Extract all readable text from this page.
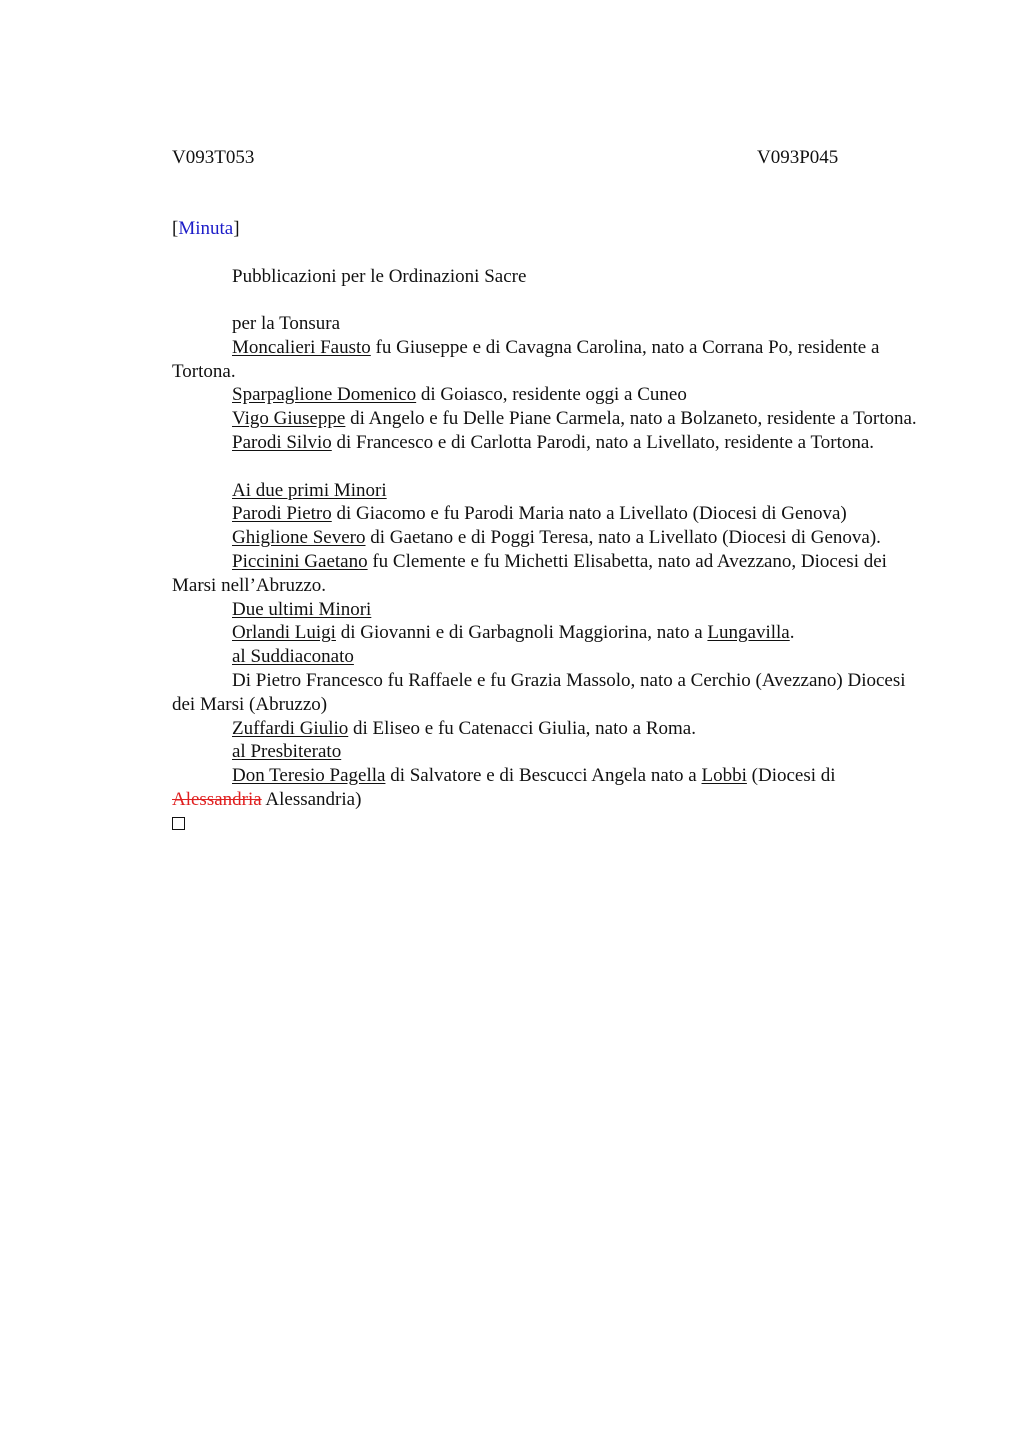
V093T053	V093P045
[Minuta]
Pubblicazioni per le Ordinazioni Sacre

per la Tonsura

Moncalieri Fausto fu Giuseppe e di Cavagna Carolina, nato a Corrana Po, residente a Tortona.

Sparpaglione Domenico di Goiasco, residente oggi a Cuneo

Vigo Giuseppe di Angelo e fu Delle Piane Carmela, nato a Bolzaneto, residente a Tortona.

Parodi Silvio di Francesco e di Carlotta Parodi, nato a Livellato, residente a Tortona.

Ai due primi Minori

Parodi Pietro di Giacomo e fu Parodi Maria nato a Livellato (Diocesi di Genova)

Ghiglione Severo di Gaetano e di Poggi Teresa, nato a Livellato (Diocesi di Genova).

Piccinini Gaetano fu Clemente e fu Michetti Elisabetta, nato ad Avezzano, Diocesi dei Marsi nell’Abruzzo.

Due ultimi Minori

Orlandi Luigi di Giovanni e di Garbagnoli Maggiorina, nato a Lungavilla.

al Suddiaconato

Di Pietro Francesco fu Raffaele e fu Grazia Massolo, nato a Cerchio (Avezzano) Diocesi dei Marsi (Abruzzo)

Zuffardi Giulio di Eliseo e fu Catenacci Giulia, nato a Roma.

al Presbiterato

Don Teresio Pagella di Salvatore e di Bescucci Angela nato a Lobbi (Diocesi di Alessandria Alessandria)
